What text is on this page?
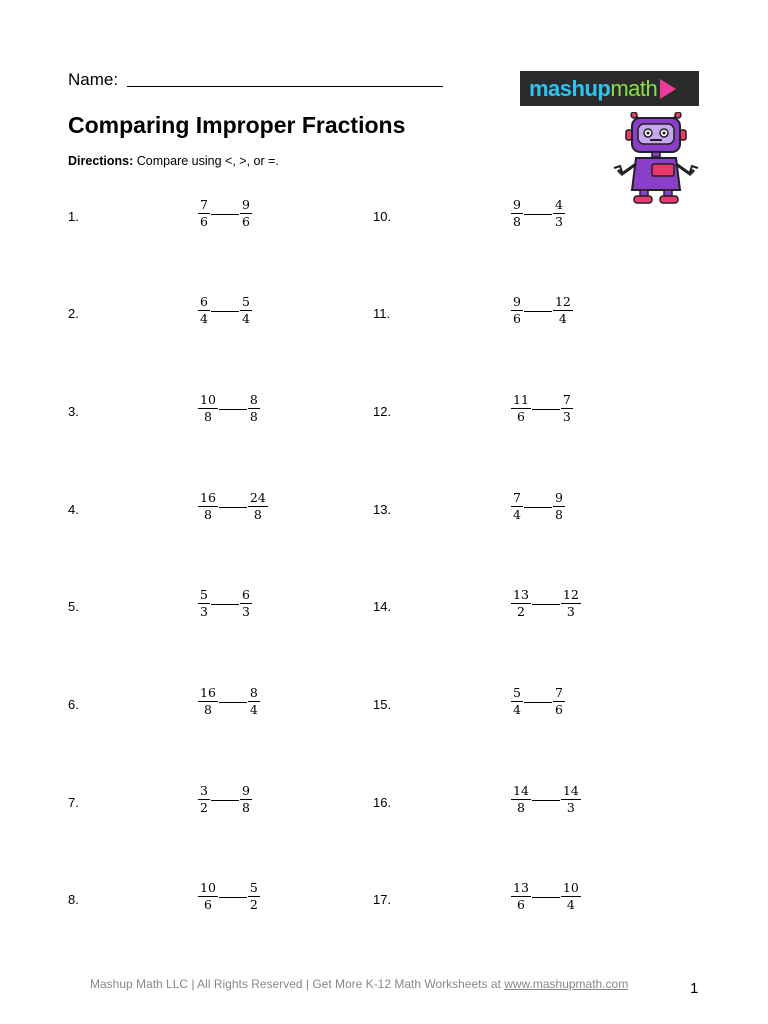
Name:	mashup math
Comparing Improper Fractions
Directions: Compare using <, >, or =.
1.	$\frac{7}{6} \frac{9}{6}$
2.	$\frac{6}{4} \frac{5}{4}$
3.	$\frac{10}{8} \frac{8}{8}$
4.	$\frac{16}{8} \frac{24}{8}$
5.	$\frac{5}{3} \frac{6}{3}$
6.	$\frac{16}{8} \frac{8}{4}$
7.	$\frac{3}{2} \frac{9}{8}$
8.	$\frac{10}{6} \frac{5}{2}$
10.	$\frac{9}{8} \frac{4}{3}$
11.	$\frac{9}{6} \frac{12}{4}$
12.	$\frac{11}{6} \frac{7}{3}$
13.	$\frac{7}{4} \frac{9}{8}$
14.	$\frac{13}{2} \frac{12}{3}$
15.	$\frac{5}{4} \frac{7}{6}$
16.	$\frac{14}{8} \frac{14}{3}$
17.	$\frac{13}{6} \frac{10}{4}$
Mashup Math LLC | All Rights Reserved | Get More K-12 Math Worksheets at www.mashupmath.com	1
